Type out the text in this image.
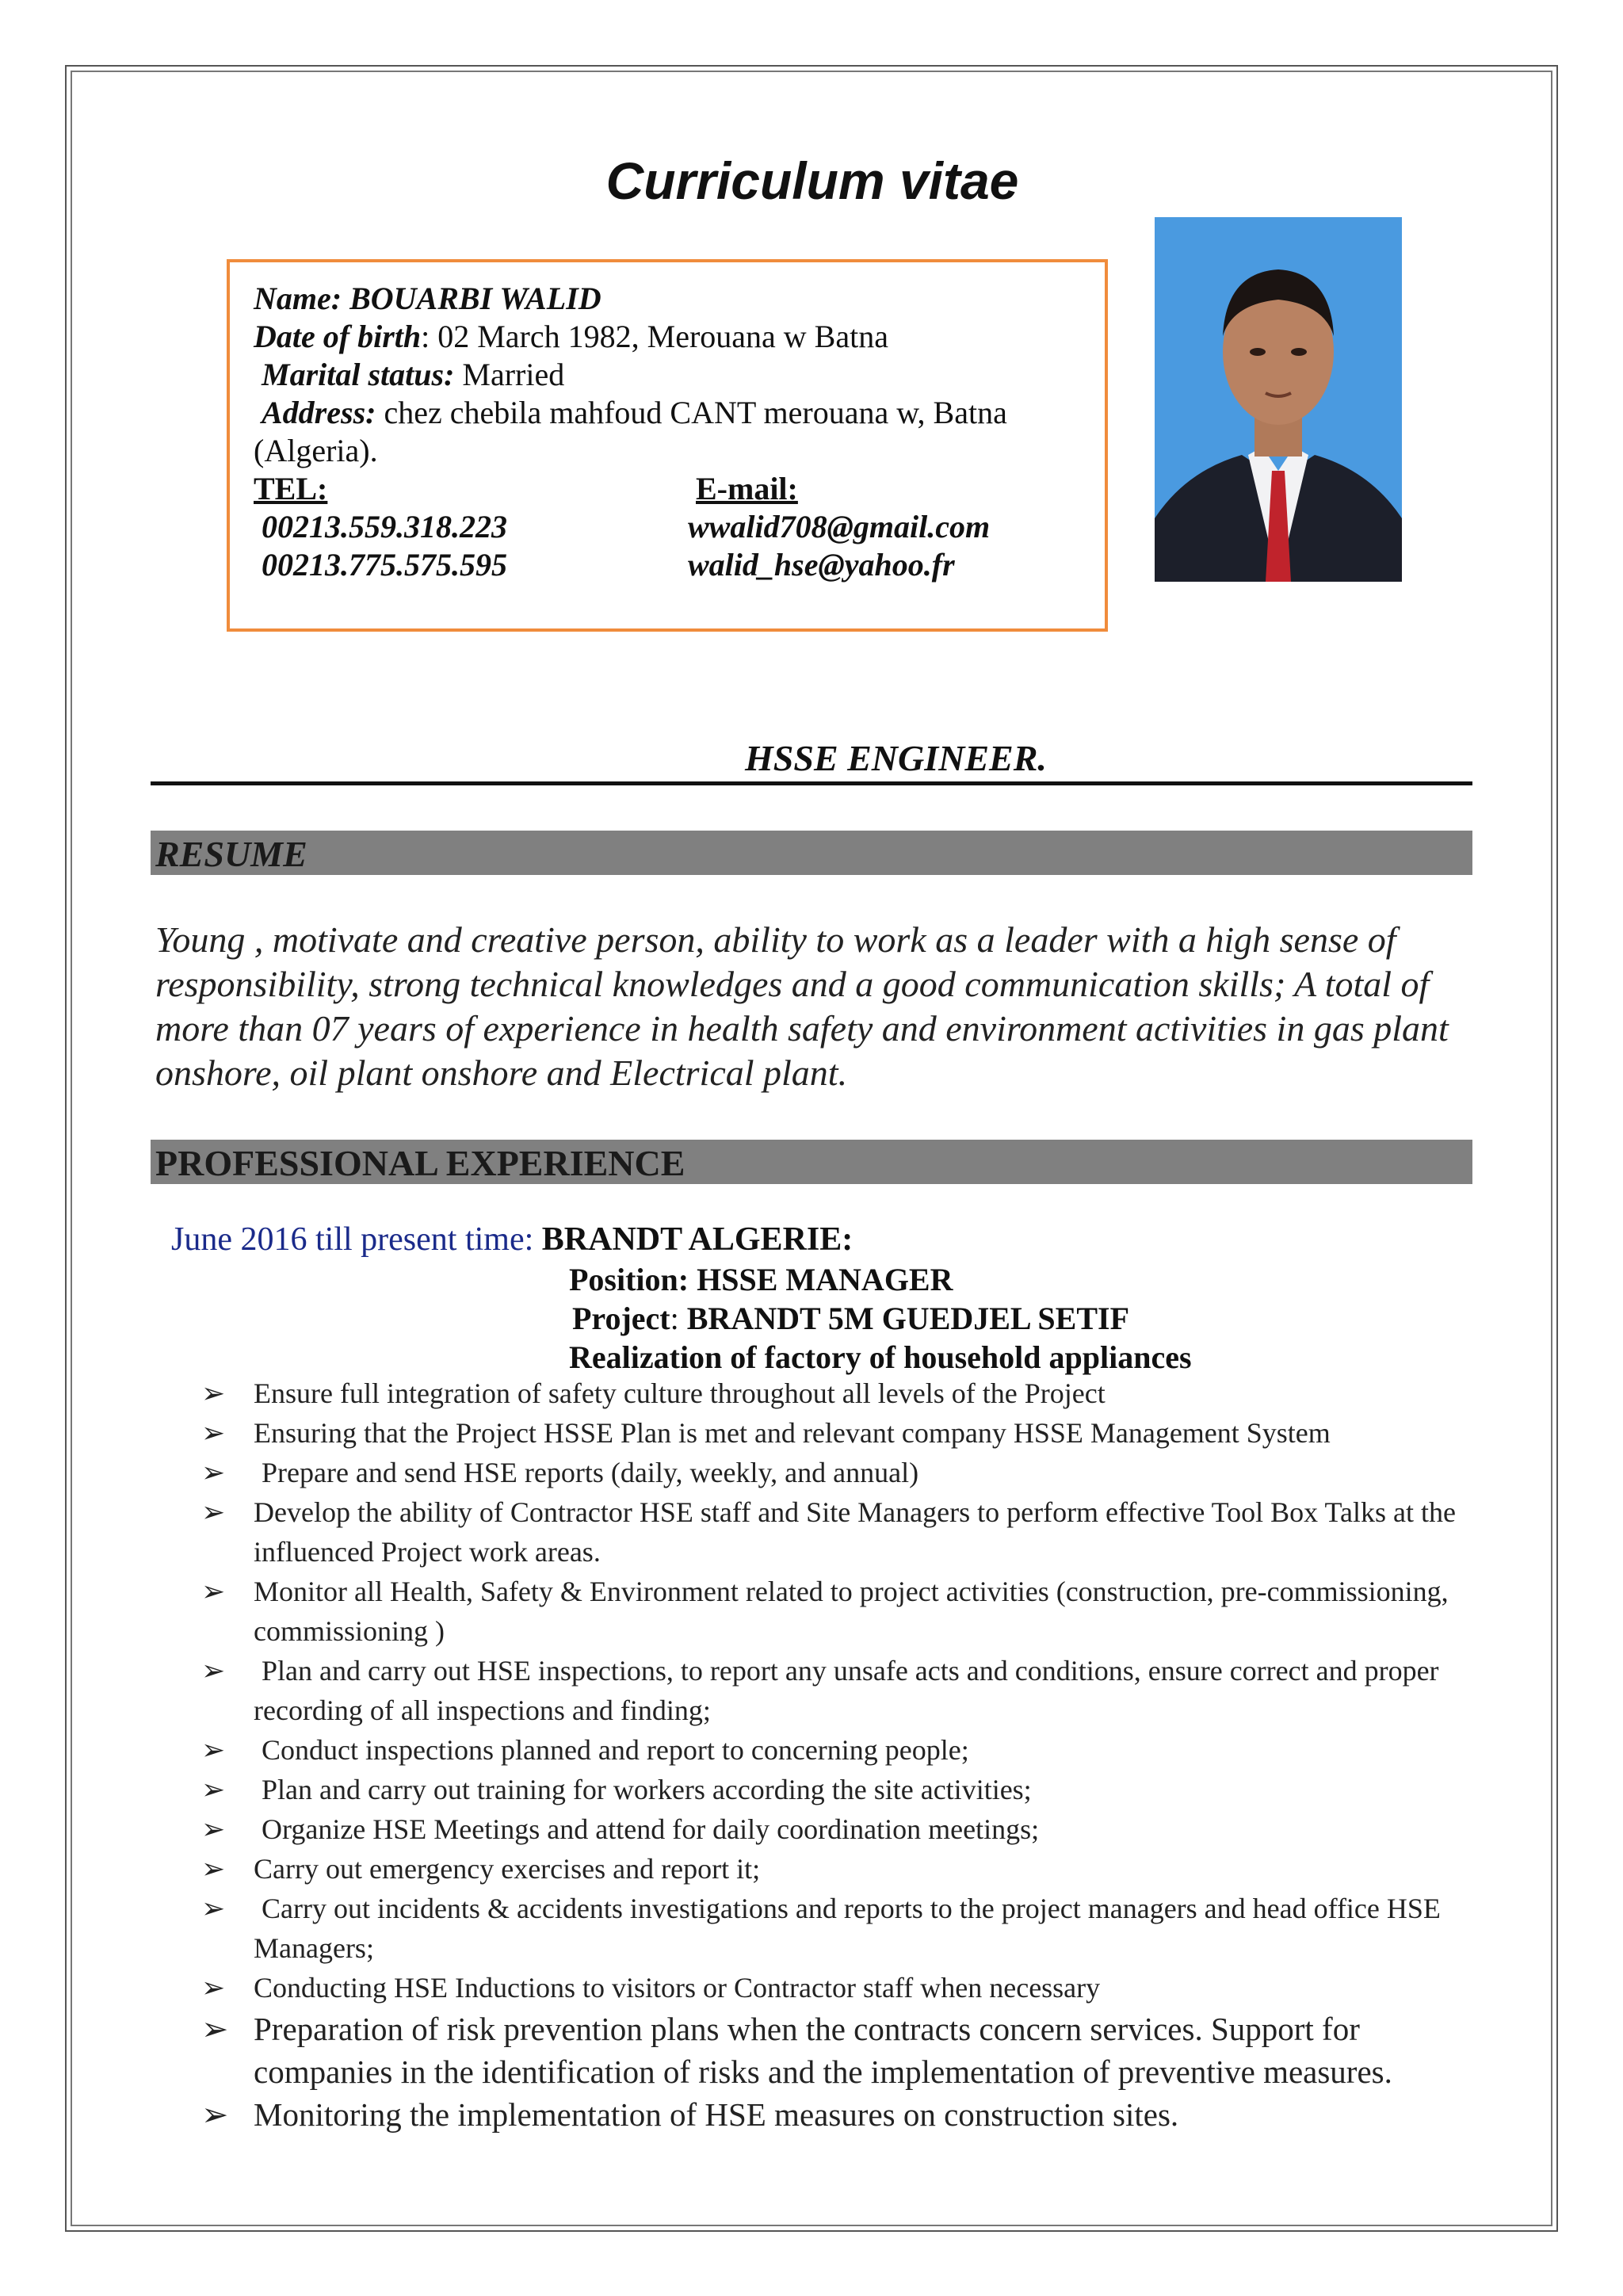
Curriculum vitae
Name: BOUARBI WALID
Date of birth: 02 March 1982, Merouana w Batna
Marital status: Married
Address: chez chebila mahfoud CANT merouana w, Batna
(Algeria).
TEL:	E-mail:
00213.559.318.223	wwalid708@gmail.com
00213.775.575.595	walid_hse@yahoo.fr
HSSE ENGINEER.
RESUME

Young , motivate and creative person, ability to work as a leader with a high sense of responsibility, strong technical knowledges and a good communication skills; A total of more than 07 years of experience in health safety and environment activities in gas plant onshore, oil plant onshore and Electrical plant.

PROFESSIONAL EXPERIENCE
June 2016 till present time: BRANDT ALGERIE:
Position: HSSE MANAGER
Project: BRANDT 5M GUEDJEL SETIF
Realization of factory of household appliances
➢ Ensure full integration of safety culture throughout all levels of the Project
➢ Ensuring that the Project HSSE Plan is met and relevant company HSSE Management System
➢ Prepare and send HSE reports (daily, weekly, and annual)
➢ Develop the ability of Contractor HSE staff and Site Managers to perform effective Tool Box Talks at the influenced Project work areas.
➢ Monitor all Health, Safety & Environment related to project activities (construction, pre-commissioning, commissioning )
➢ Plan and carry out HSE inspections, to report any unsafe acts and conditions, ensure correct and proper recording of all inspections and finding;
➢ Conduct inspections planned and report to concerning people;
➢ Plan and carry out training for workers according the site activities;
➢ Organize HSE Meetings and attend for daily coordination meetings;
➢ Carry out emergency exercises and report it;
➢ Carry out incidents & accidents investigations and reports to the project managers and head office HSE Managers;
➢ Conducting HSE Inductions to visitors or Contractor staff when necessary
➢ Preparation of risk prevention plans when the contracts concern services. Support for companies in the identification of risks and the implementation of preventive measures.
➢ Monitoring the implementation of HSE measures on construction sites.
